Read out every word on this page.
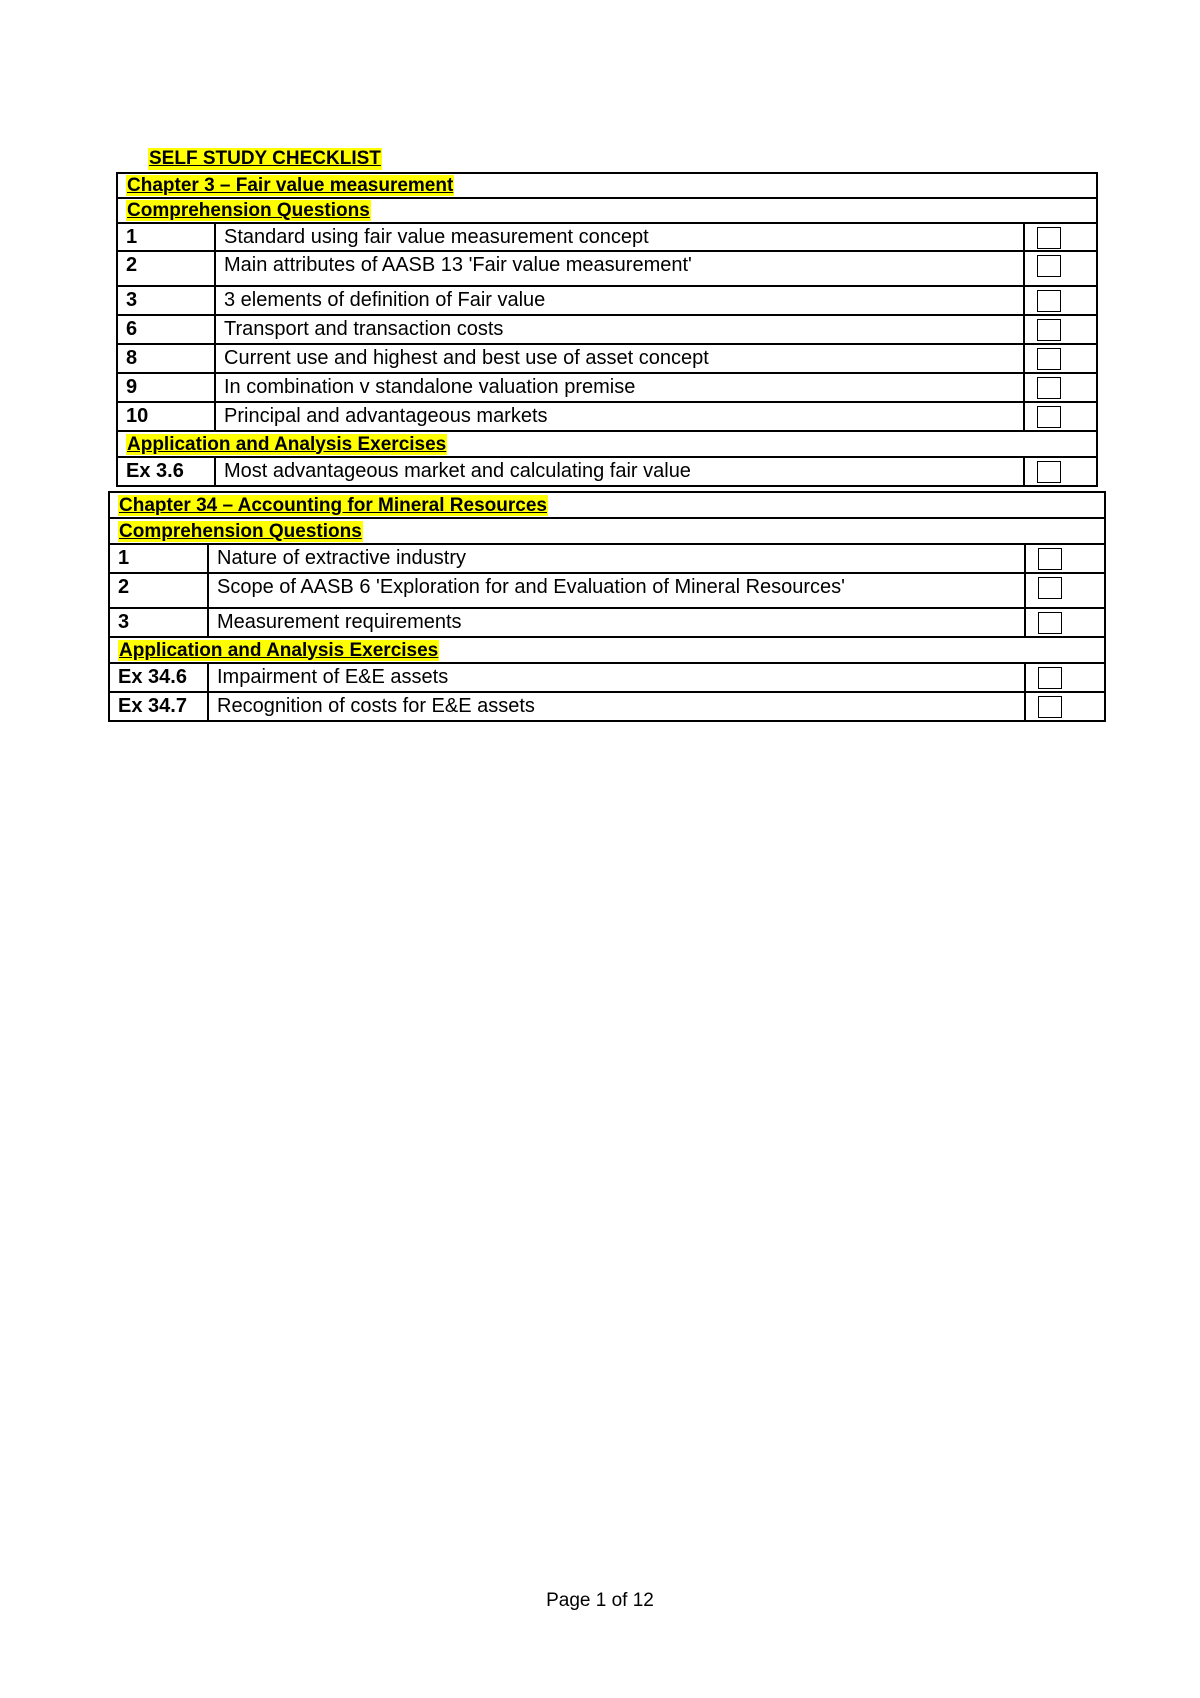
SELF STUDY CHECKLIST
Chapter 3 – Fair value measurement		
Comprehension Questions		
1	Standard using fair value measurement concept	

2	Main attributes of AASB 13 'Fair value measurement'	

3	3 elements of definition of Fair value	

6	Transport and transaction costs	

8	Current use and highest and best use of asset concept	

9	In combination v standalone valuation premise	

10	Principal and advantageous markets	

Application and Analysis Exercises		
Ex 3.6	Most advantageous market and calculating fair value	
Chapter 34 – Accounting for Mineral Resources		
Comprehension Questions		
1	Nature of extractive industry	

2	Scope of AASB 6 'Exploration for and Evaluation of Mineral Resources'	

3	Measurement requirements	

Application and Analysis Exercises		
Ex 34.6	Impairment of E&E assets	

Ex 34.7	Recognition of costs for E&E assets	
Page 1 of 12
